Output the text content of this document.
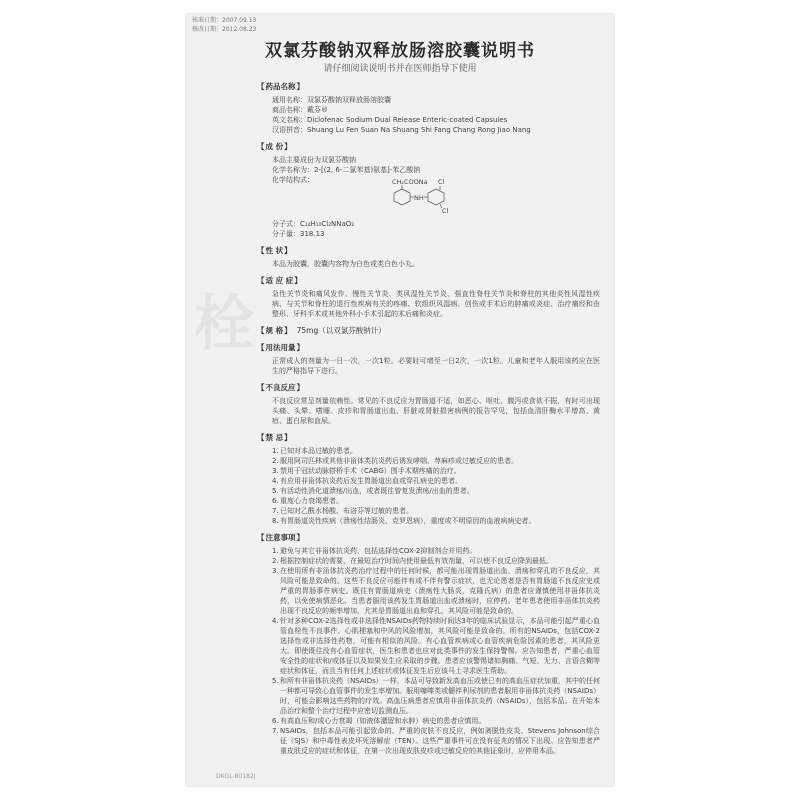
栓
核准日期：2007.09.13
修改日期：2012.08.23
双氯芬酸钠双释放肠溶胶囊说明书
请仔细阅读说明书并在医师指导下使用
【药品名称】
通用名称：双氯芬酸钠双释放肠溶胶囊
商品名称：戴芬®
英文名称：Diclofenac Sodium Dual Release Enteric-coated Capsules
汉语拼音：Shuang Lu Fen Suan Na Shuang Shi Fang Chang Rong Jiao Nang
【成 份】
本品主要成份为双氯芬酸钠
化学名称为：2-[(2, 6-二氯苯基)氨基]-苯乙酸钠
化学结构式：	CH₂COONa Cl
NH
Cl
分子式：C₁₄H₁₀Cl₂NNaO₂
分子量：318.13
【性 状】
本品为胶囊，胶囊内容物为白色或类白色小丸。
【适 应 症】
急性关节炎和痛风发作、慢性关节炎、类风湿性关节炎、强直性脊柱关节炎和脊柱的其他炎性风湿性疾病、与关节和脊柱的退行性疾病有关的疼痛、软组织风湿病、创伤或手术后的肿痛或炎症、治疗痛经和由整形、牙科手术或其他外科小手术引起的术后痛和炎症。
【规 格】 75mg（以双氯芬酸钠计）
【用法用量】
正常成人的剂量为一日一次，一次1粒。必要时可增至一日2次，一次1粒。儿童和老年人服用该药应在医生的严格指导下进行。
【不良反应】
不良反应常呈剂量依赖性。常见的不良反应为胃肠道不适，如恶心、呕吐、腹泻或食欲不振，有时可出现头痛、头晕、嗜睡、皮疹和胃肠道出血、肝脏或肾脏损害病例的报告罕见，包括血清肝酶水平增高、黄疸、蛋白尿和血尿。
【禁 忌】
1. 已知对本品过敏的患者。
2. 服用阿司匹林或其他非甾体类抗炎药后诱发哮喘、荨麻疹或过敏反应的患者。
3. 禁用于冠状动脉搭桥手术（CABG）围手术期疼痛的治疗。
4. 有应用非甾体抗炎药后发生胃肠道出血或穿孔病史的患者。
5. 有活动性消化道溃疡/出血，或者既往曾复发溃疡/出血的患者。
6. 重度心力衰竭患者。
7. 已知对乙酰水杨酸、布洛芬等过敏的患者。
8. 有胃肠道炎性疾病（溃疡性结肠炎、克罗恩病），重度或不明原因的血液病病史者。
【注意事项】
1. 避免与其它非甾体抗炎药，包括选择性COX-2抑制剂合并用药。
2. 根据控制症状的需要，在最短治疗时间内使用最低有效剂量，可以使不良反应降到最低。
3. 在使用所有非甾体抗炎药治疗过程中的任何时候，都可能出现胃肠道出血、溃疡和穿孔的不良反应，其风险可能是致命的。这些不良反应可能伴有或不伴有警示症状，也无论患者是否有胃肠道不良反应史或严重的胃肠事件病史。既往有胃肠道病史（溃疡性大肠炎，克隆氏病）的患者应谨慎使用非甾体抗炎药，以免使病情恶化。当患者服用该药发生胃肠道出血或溃疡时，应停药。老年患者使用非甾体抗炎药出现不良反应的频率增加，尤其是胃肠道出血和穿孔，其风险可能是致命的。
4. 针对多种COX-2选择性或非选择性NSAIDs药物持续时间达3年的临床试验显示，本品可能引起严重心血管血栓性不良事件、心肌梗塞和中风的风险增加，其风险可能是致命的。所有的NSAIDs，包括COX-2选择性或非选择性药物，可能有相似的风险。有心血管疾病或心血管疾病危险因素的患者，其风险更大。即使既往没有心血管症状，医生和患者也应对此类事件的发生保持警惕。应告知患者，严重心血管安全性的症状和/或体征以及如果发生应采取的步骤。患者应该警惕诸如胸痛、气短、无力、言语含糊等症状和体征，而且当有任何上述症状或体征发生后应该马上寻求医生帮助。
5. 和所有非甾体抗炎药（NSAIDs）一样，本品可导致新发高血压或使已有的高血压症状加重，其中的任何一种都可导致心血管事件的发生率增加。服用噻嗪类或髓袢利尿剂的患者服用非甾体抗炎药（NSAIDs）时，可能会影响这些药物的疗效。高血压病患者应慎用非甾体抗炎药（NSAIDs），包括本品。在开始本品治疗和整个治疗过程中应密切监测血压。
6. 有高血压和/或心力衰竭（如液体潴留和水肿）病史的患者应慎用。
7. NSAIDs，包括本品可能引起致命的、严重的皮肤不良反应，例如剥脱性皮炎、Stevens Johnson综合征（SJS）和中毒性表皮坏死溶解症（TEN）。这些严重事件可在没有征兆的情况下出现。应告知患者严重皮肤反应的症状和体征，在第一次出现皮肤皮疹或过敏反应的其他征象时，应停用本品。
DKGL-B0182J
